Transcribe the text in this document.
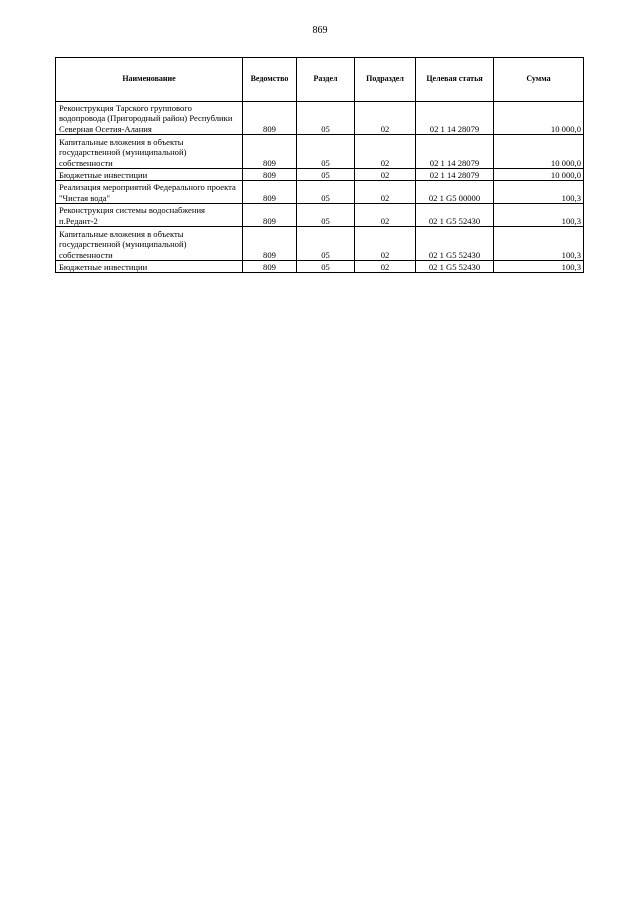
869
Наименование	Ведомство	Раздел	Подраздел	Целевая статья	Сумма
Реконструкция Тарского группового водопровода (Пригородный район) Республики Северная Осетия-Алания	809	05	02	02 1 14 28079	10 000,0
Капитальные вложения в объекты государственной (муниципальной) собственности	809	05	02	02 1 14 28079	10 000,0
Бюджетные инвестиции	809	05	02	02 1 14 28079	10 000,0
Реализация мероприятий Федерального проекта "Чистая вода"	809	05	02	02 1 G5 00000	100,3
Реконструкция системы водоснабжения п.Редант-2	809	05	02	02 1 G5 52430	100,3
Капитальные вложения в объекты государственной (муниципальной) собственности	809	05	02	02 1 G5 52430	100,3
Бюджетные инвестиции	809	05	02	02 1 G5 52430	100,3
